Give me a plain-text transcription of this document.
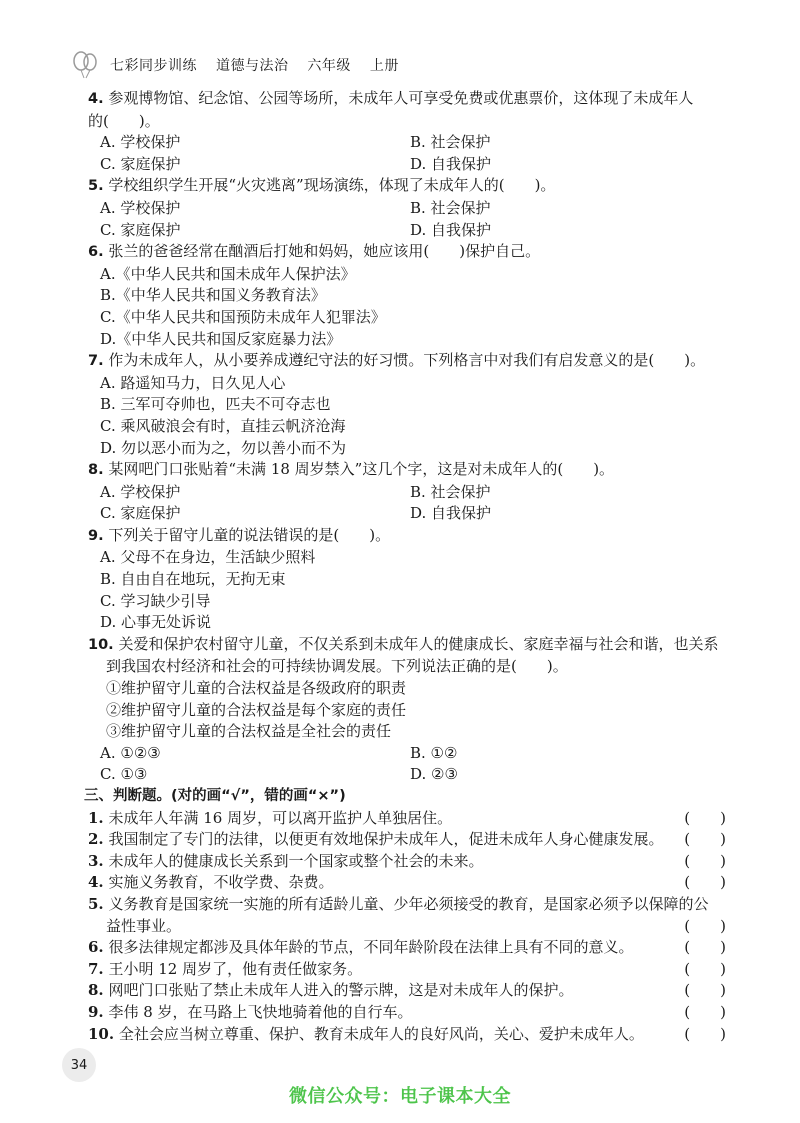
七彩同步训练 道德与法治 六年级 上册
4. 参观博物馆、纪念馆、公园等场所，未成年人可享受免费或优惠票价，这体现了未成年人
的(　　)。
A. 学校保护	B. 社会保护
C. 家庭保护	D. 自我保护
5. 学校组织学生开展“火灾逃离”现场演练，体现了未成年人的(　　)。
A. 学校保护	B. 社会保护
C. 家庭保护	D. 自我保护
6. 张兰的爸爸经常在酗酒后打她和妈妈，她应该用(　　)保护自己。
A.《中华人民共和国未成年人保护法》
B.《中华人民共和国义务教育法》
C.《中华人民共和国预防未成年人犯罪法》
D.《中华人民共和国反家庭暴力法》
7. 作为未成年人，从小要养成遵纪守法的好习惯。下列格言中对我们有启发意义的是(　　)。
A. 路遥知马力，日久见人心
B. 三军可夺帅也，匹夫不可夺志也
C. 乘风破浪会有时，直挂云帆济沧海
D. 勿以恶小而为之，勿以善小而不为
8. 某网吧门口张贴着“未满 18 周岁禁入”这几个字，这是对未成年人的(　　)。
A. 学校保护	B. 社会保护
C. 家庭保护	D. 自我保护
9. 下列关于留守儿童的说法错误的是(　　)。
A. 父母不在身边，生活缺少照料
B. 自由自在地玩，无拘无束
C. 学习缺少引导
D. 心事无处诉说
10. 关爱和保护农村留守儿童，不仅关系到未成年人的健康成长、家庭幸福与社会和谐，也关系
到我国农村经济和社会的可持续协调发展。下列说法正确的是(　　)。
①维护留守儿童的合法权益是各级政府的职责
②维护留守儿童的合法权益是每个家庭的责任
③维护留守儿童的合法权益是全社会的责任
A. ①②③	B. ①②
C. ①③	D. ②③
三、判断题。(对的画“√”，错的画“×”)
1. 未成年人年满 16 周岁，可以离开监护人单独居住。	(　　)
2. 我国制定了专门的法律，以便更有效地保护未成年人，促进未成年人身心健康发展。 (　　)
3. 未成年人的健康成长关系到一个国家或整个社会的未来。	(　　)
4. 实施义务教育，不收学费、杂费。	(　　)
5. 义务教育是国家统一实施的所有适龄儿童、少年必须接受的教育，是国家必须予以保障的公
益性事业。	(　　)
6. 很多法律规定都涉及具体年龄的节点，不同年龄阶段在法律上具有不同的意义。	(　　)
7. 王小明 12 周岁了，他有责任做家务。	(　　)
8. 网吧门口张贴了禁止未成年人进入的警示牌，这是对未成年人的保护。	(　　)
9. 李伟 8 岁，在马路上飞快地骑着他的自行车。	(　　)
10. 全社会应当树立尊重、保护、教育未成年人的良好风尚，关心、爱护未成年人。	(　　)
34
微信公众号：电子课本大全
